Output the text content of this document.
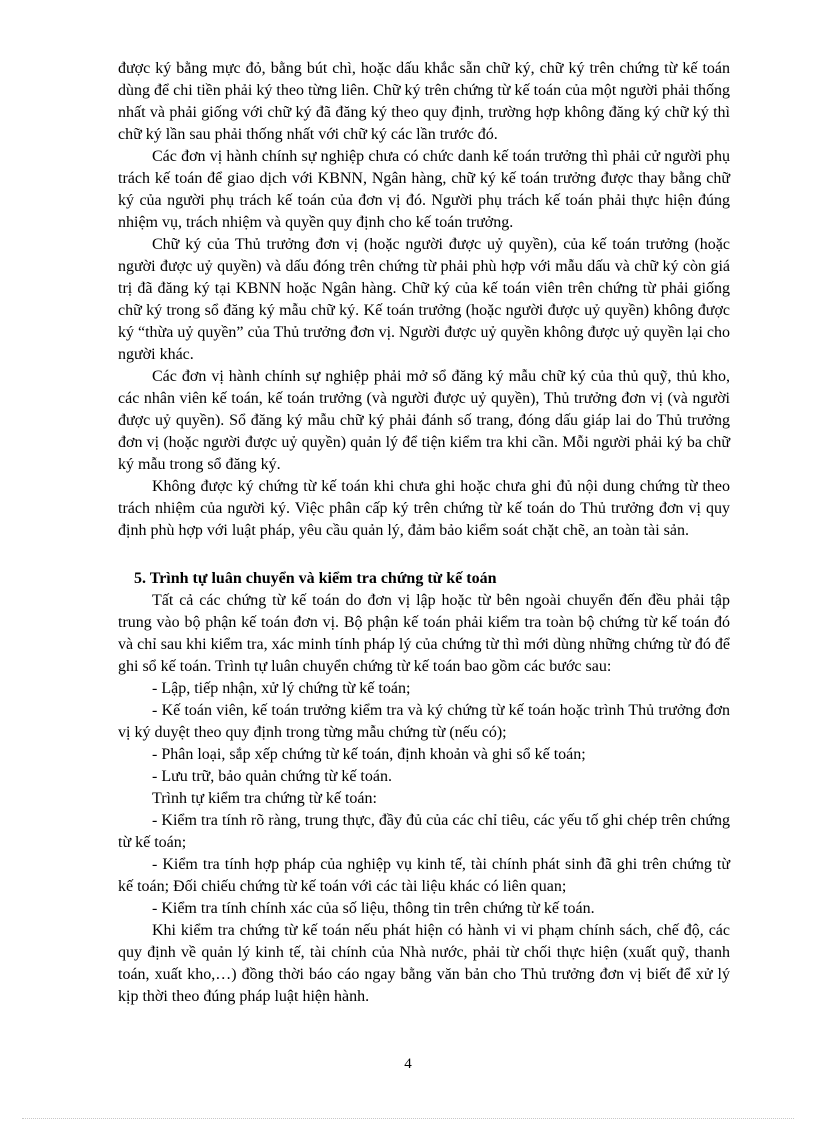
được ký bằng mực đỏ, bằng bút chì, hoặc dấu khắc sẵn chữ ký, chữ ký trên chứng từ kế toán dùng để chi tiền phải ký theo từng liên. Chữ ký trên chứng từ kế toán của một người phải thống nhất và phải giống với chữ ký đã đăng ký theo quy định, trường hợp không đăng ký chữ ký thì chữ ký lần sau phải thống nhất với chữ ký các lần trước đó.

Các đơn vị hành chính sự nghiệp chưa có chức danh kế toán trưởng thì phải cử người phụ trách kế toán để giao dịch với KBNN, Ngân hàng, chữ ký kế toán trưởng được thay bằng chữ ký của người phụ trách kế toán của đơn vị đó. Người phụ trách kế toán phải thực hiện đúng nhiệm vụ, trách nhiệm và quyền quy định cho kế toán trưởng.

Chữ ký của Thủ trưởng đơn vị (hoặc người được uỷ quyền), của kế toán trưởng (hoặc người được uỷ quyền) và dấu đóng trên chứng từ phải phù hợp với mẫu dấu và chữ ký còn giá trị đã đăng ký tại KBNN hoặc Ngân hàng. Chữ ký của kế toán viên trên chứng từ phải giống chữ ký trong sổ đăng ký mẫu chữ ký. Kế toán trưởng (hoặc người được uỷ quyền) không được ký “thừa uỷ quyền” của Thủ trưởng đơn vị. Người được uỷ quyền không được uỷ quyền lại cho người khác.

Các đơn vị hành chính sự nghiệp phải mở sổ đăng ký mẫu chữ ký của thủ quỹ, thủ kho, các nhân viên kế toán, kế toán trưởng (và người được uỷ quyền), Thủ trưởng đơn vị (và người được uỷ quyền). Sổ đăng ký mẫu chữ ký phải đánh số trang, đóng dấu giáp lai do Thủ trưởng đơn vị (hoặc người được uỷ quyền) quản lý để tiện kiểm tra khi cần. Mỗi người phải ký ba chữ ký mẫu trong sổ đăng ký.

Không được ký chứng từ kế toán khi chưa ghi hoặc chưa ghi đủ nội dung chứng từ theo trách nhiệm của người ký. Việc phân cấp ký trên chứng từ kế toán do Thủ trưởng đơn vị quy định phù hợp với luật pháp, yêu cầu quản lý, đảm bảo kiểm soát chặt chẽ, an toàn tài sản.

5. Trình tự luân chuyển và kiểm tra chứng từ kế toán

Tất cả các chứng từ kế toán do đơn vị lập hoặc từ bên ngoài chuyển đến đều phải tập trung vào bộ phận kế toán đơn vị. Bộ phận kế toán phải kiểm tra toàn bộ chứng từ kế toán đó và chỉ sau khi kiểm tra, xác minh tính pháp lý của chứng từ thì mới dùng những chứng từ đó để ghi sổ kế toán. Trình tự luân chuyển chứng từ kế toán bao gồm các bước sau:

- Lập, tiếp nhận, xử lý chứng từ kế toán;

- Kế toán viên, kế toán trưởng kiểm tra và ký chứng từ kế toán hoặc trình Thủ trưởng đơn vị ký duyệt theo quy định trong từng mẫu chứng từ (nếu có);

- Phân loại, sắp xếp chứng từ kế toán, định khoản và ghi sổ kế toán;

- Lưu trữ, bảo quản chứng từ kế toán.

Trình tự kiểm tra chứng từ kế toán:

- Kiểm tra tính rõ ràng, trung thực, đầy đủ của các chỉ tiêu, các yếu tố ghi chép trên chứng từ kế toán;

- Kiểm tra tính hợp pháp của nghiệp vụ kinh tế, tài chính phát sinh đã ghi trên chứng từ kế toán; Đối chiếu chứng từ kế toán với các tài liệu khác có liên quan;

- Kiểm tra tính chính xác của số liệu, thông tin trên chứng từ kế toán.

Khi kiểm tra chứng từ kế toán nếu phát hiện có hành vi vi phạm chính sách, chế độ, các quy định về quản lý kinh tế, tài chính của Nhà nước, phải từ chối thực hiện (xuất quỹ, thanh toán, xuất kho,…) đồng thời báo cáo ngay bằng văn bản cho Thủ trưởng đơn vị biết để xử lý kịp thời theo đúng pháp luật hiện hành.

4
